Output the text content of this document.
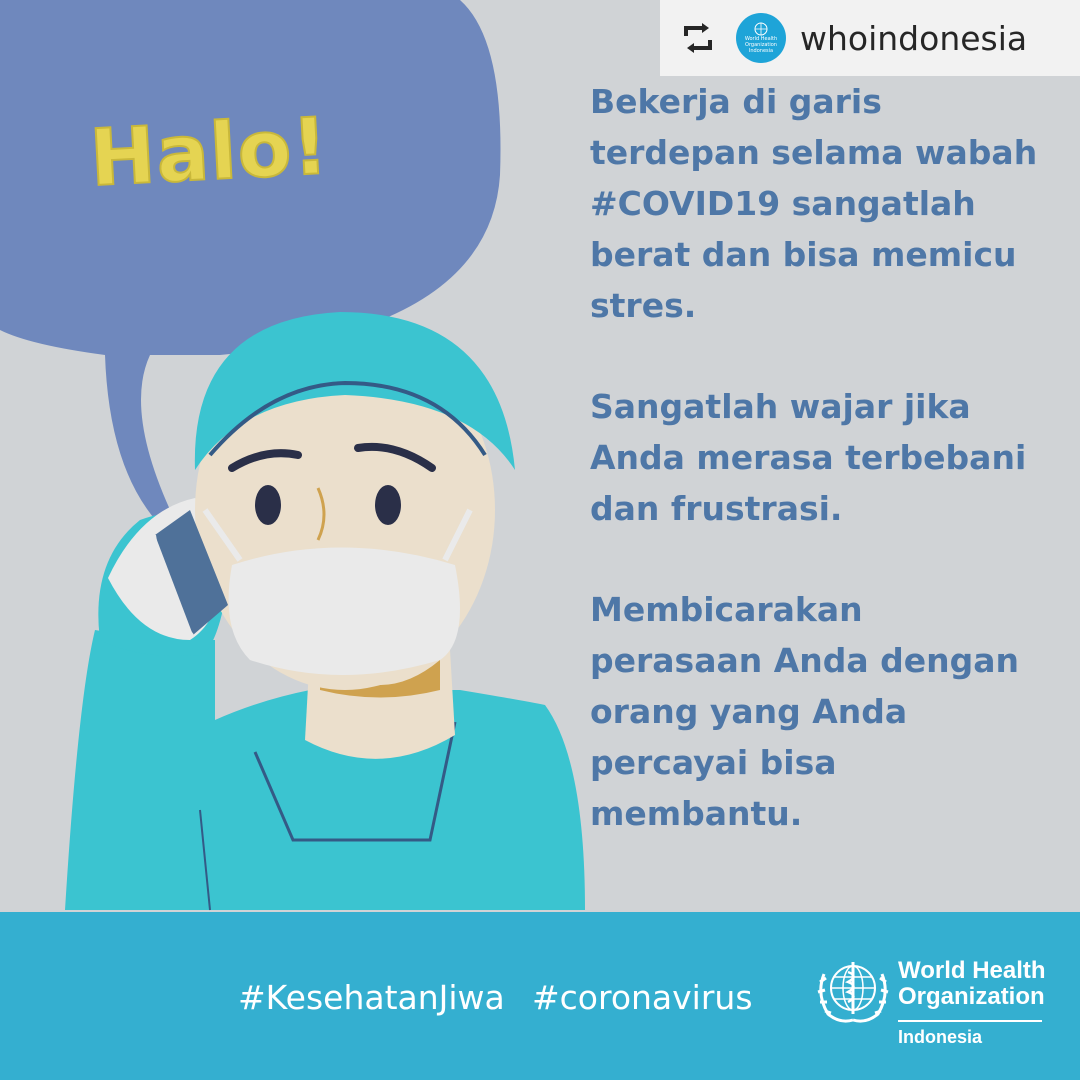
World Health
Organization
Indonesia whoindonesia
Halo!

Bekerja di garis
terdepan selama wabah
#COVID19 sangatlah
berat dan bisa memicu
stres.

Sangatlah wajar jika
Anda merasa terbebani
dan frustrasi.

Membicarakan
perasaan Anda dengan
orang yang Anda
percayai bisa
membantu.

#KesehatanJiwa #coronavirus
World Health
Organization
Indonesia
